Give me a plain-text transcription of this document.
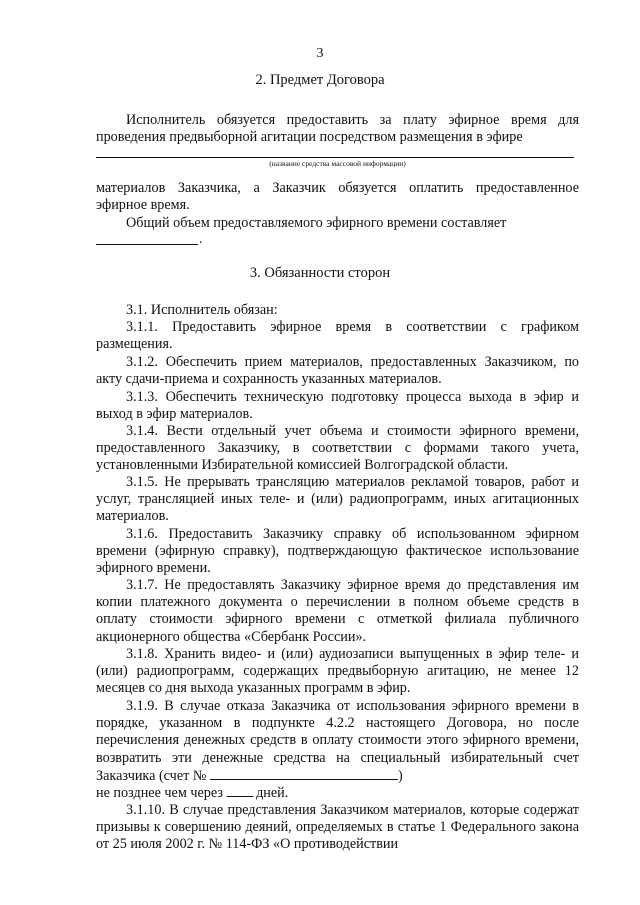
3
2. Предмет Договора
Исполнитель обязуется предоставить за плату эфирное время для проведения предвыборной агитации посредством размещения в эфире
(название средства массовой информации)
материалов Заказчика, а Заказчик обязуется оплатить предоставленное эфирное время.
Общий объем предоставляемого эфирного времени составляет
.
3. Обязанности сторон
3.1. Исполнитель обязан:
3.1.1. Предоставить эфирное время в соответствии с графиком размещения.
3.1.2. Обеспечить прием материалов, предоставленных Заказчиком, по акту сдачи-приема и сохранность указанных материалов.
3.1.3. Обеспечить техническую подготовку процесса выхода в эфир и выход в эфир материалов.
3.1.4. Вести отдельный учет объема и стоимости эфирного времени, предоставленного Заказчику, в соответствии с формами такого учета, установленными Избирательной комиссией Волгоградской области.
3.1.5. Не прерывать трансляцию материалов рекламой товаров, работ и услуг, трансляцией иных теле- и (или) радиопрограмм, иных агитационных материалов.
3.1.6. Предоставить Заказчику справку об использованном эфирном времени (эфирную справку), подтверждающую фактическое использование эфирного времени.
3.1.7. Не предоставлять Заказчику эфирное время до представления им копии платежного документа о перечислении в полном объеме средств в оплату стоимости эфирного времени с отметкой филиала публичного акционерного общества «Сбербанк России».
3.1.8. Хранить видео- и (или) аудиозаписи выпущенных в эфир теле- и (или) радиопрограмм, содержащих предвыборную агитацию, не менее 12 месяцев со дня выхода указанных программ в эфир.
3.1.9. В случае отказа Заказчика от использования эфирного времени в порядке, указанном в подпункте 4.2.2 настоящего Договора, но после перечисления денежных средств в оплату стоимости этого эфирного времени, возвратить эти денежные средства на специальный избирательный счет Заказчика (счет №	)
не позднее чем через дней.
3.1.10. В случае представления Заказчиком материалов, которые содержат призывы к совершению деяний, определяемых в статье 1 Федерального закона от 25 июля 2002 г. № 114-ФЗ «О противодействии
